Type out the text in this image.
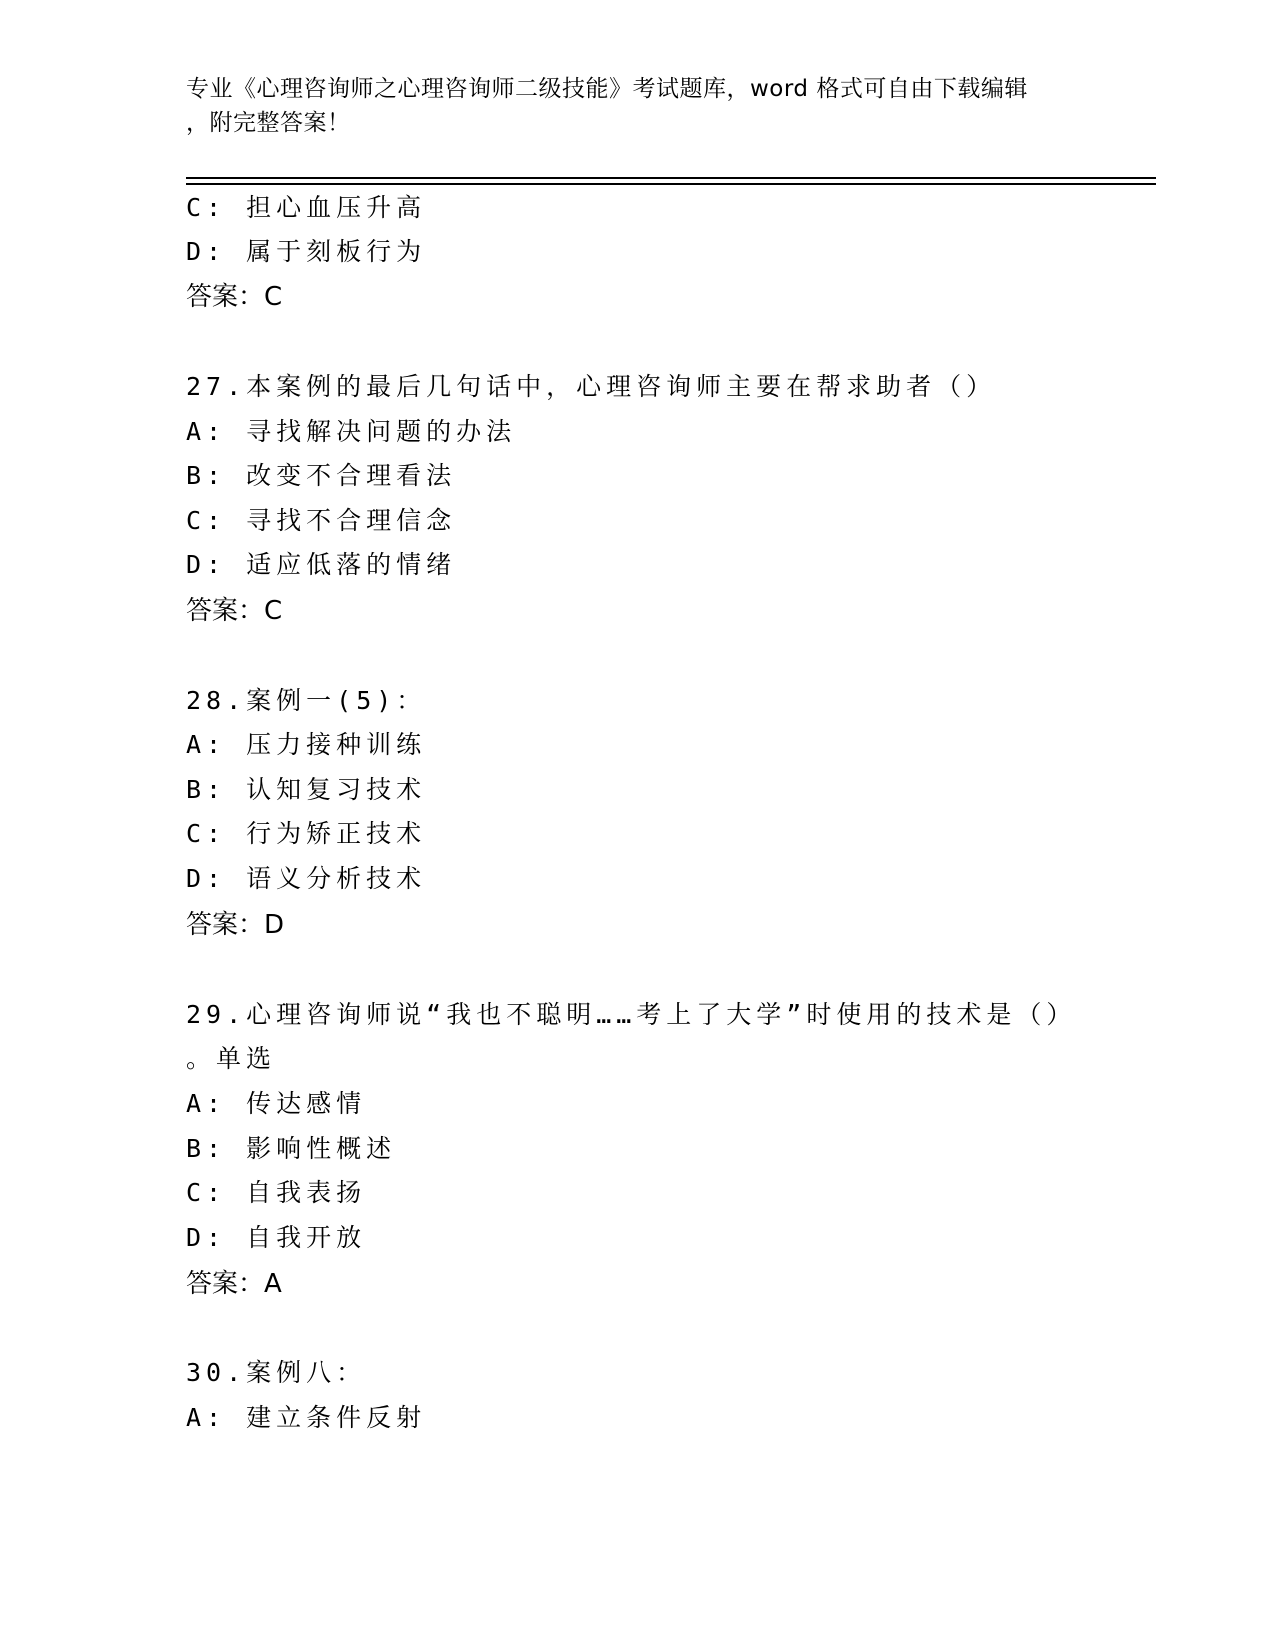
专业《心理咨询师之心理咨询师二级技能》考试题库，word 格式可自由下载编辑
，附完整答案！
C: 担心血压升高
D: 属于刻板行为
答案：C
27.本案例的最后几句话中，心理咨询师主要在帮求助者（）
A: 寻找解决问题的办法
B: 改变不合理看法
C: 寻找不合理信念
D: 适应低落的情绪
答案：C
28.案例一(5)：
A: 压力接种训练
B: 认知复习技术
C: 行为矫正技术
D: 语义分析技术
答案：D
29.心理咨询师说“我也不聪明……考上了大学”时使用的技术是（）
。单选
A: 传达感情
B: 影响性概述
C: 自我表扬
D: 自我开放
答案：A
30.案例八：
A: 建立条件反射
